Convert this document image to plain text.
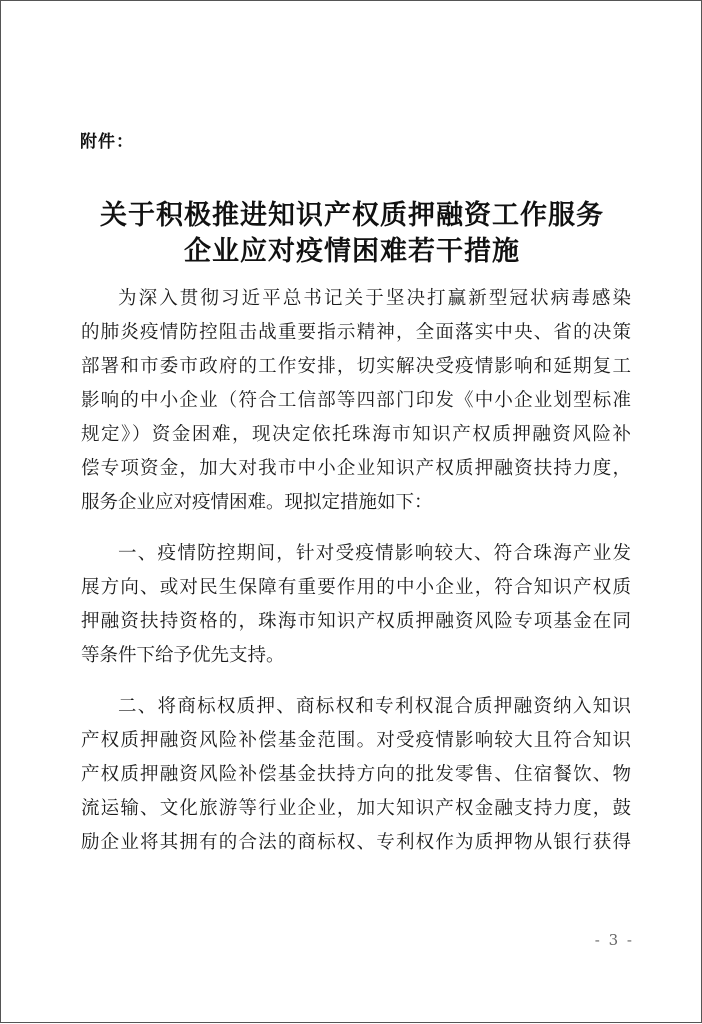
附件：
关于积极推进知识产权质押融资工作服务
企业应对疫情困难若干措施
为深入贯彻习近平总书记关于坚决打赢新型冠状病毒感染
的肺炎疫情防控阻击战重要指示精神，全面落实中央、省的决策
部署和市委市政府的工作安排，切实解决受疫情影响和延期复工
影响的中小企业（符合工信部等四部门印发《中小企业划型标准
规定》）资金困难，现决定依托珠海市知识产权质押融资风险补
偿专项资金，加大对我市中小企业知识产权质押融资扶持力度，
服务企业应对疫情困难。现拟定措施如下：
一、疫情防控期间，针对受疫情影响较大、符合珠海产业发
展方向、或对民生保障有重要作用的中小企业，符合知识产权质
押融资扶持资格的，珠海市知识产权质押融资风险专项基金在同
等条件下给予优先支持。
二、将商标权质押、商标权和专利权混合质押融资纳入知识
产权质押融资风险补偿基金范围。对受疫情影响较大且符合知识
产权质押融资风险补偿基金扶持方向的批发零售、住宿餐饮、物
流运输、文化旅游等行业企业，加大知识产权金融支持力度，鼓
励企业将其拥有的合法的商标权、专利权作为质押物从银行获得
- 3 -
